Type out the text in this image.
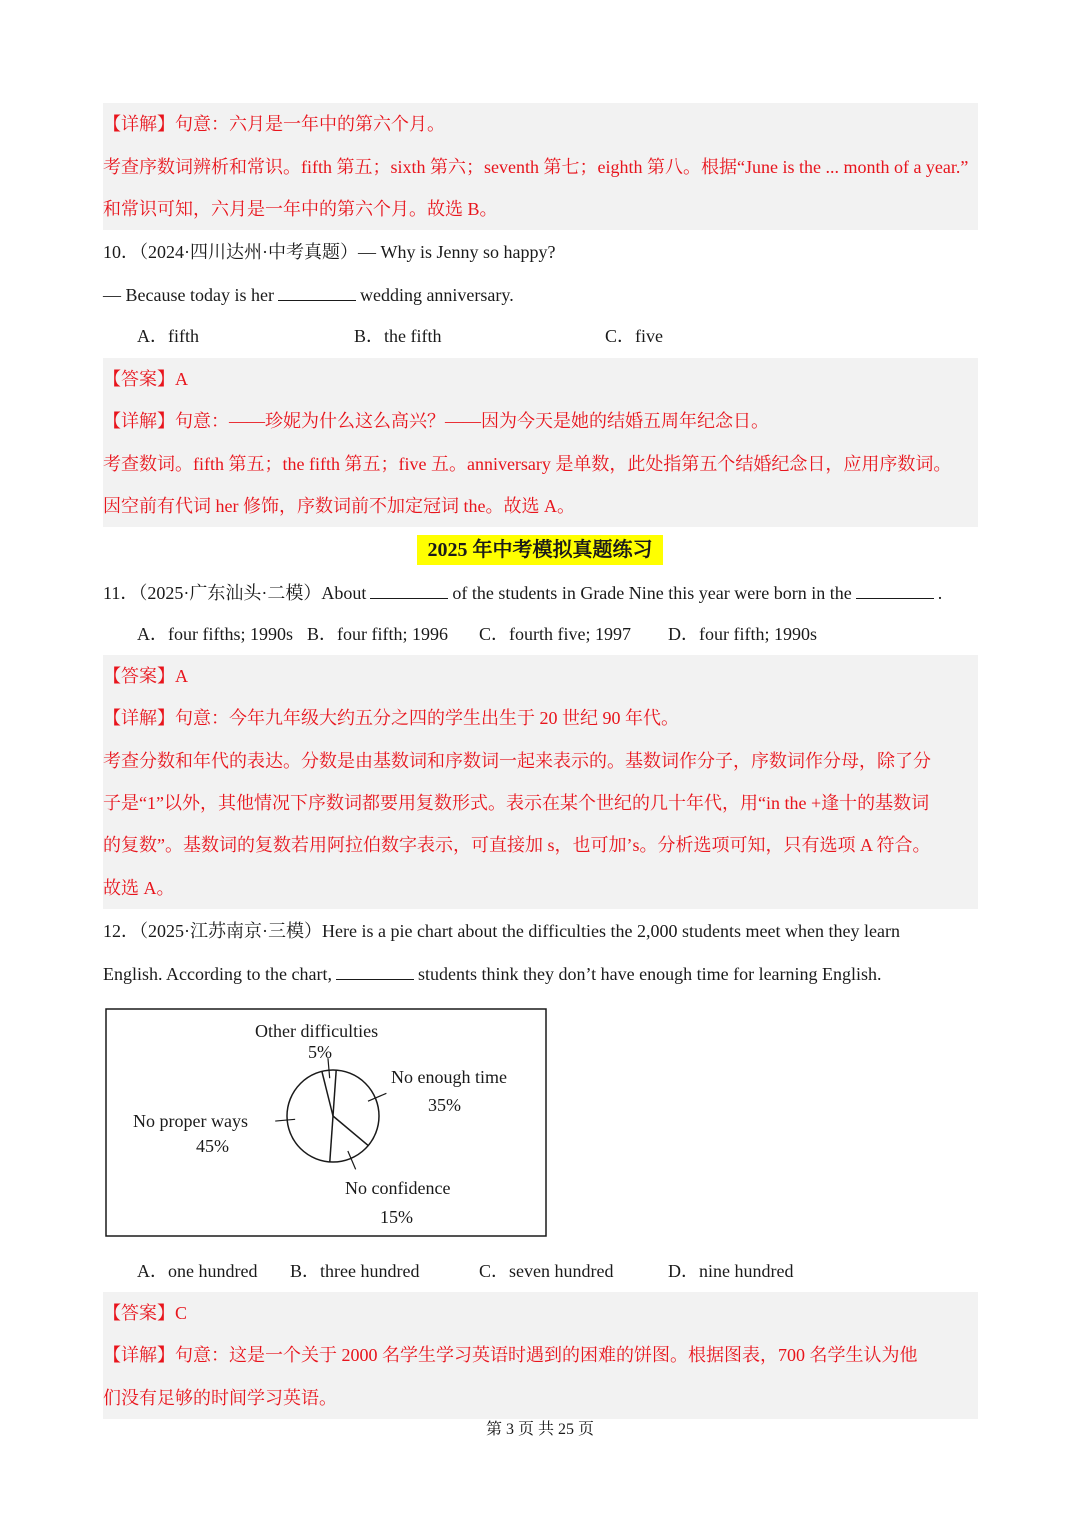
【详解】句意：六月是一年中的第六个月。
考查序数词辨析和常识。fifth 第五；sixth 第六；seventh 第七；eighth 第八。根据“June is the ... month of a year.”
和常识可知，六月是一年中的第六个月。故选 B。
10．（2024·四川达州·中考真题）— Why is Jenny so happy?
— Because today is her	wedding anniversary.
A．fifth	B．the fifth	C．five
【答案】A
【详解】句意：——珍妮为什么这么高兴？——因为今天是她的结婚五周年纪念日。
考查数词。fifth 第五；the fifth 第五；five 五。anniversary 是单数，此处指第五个结婚纪念日，应用序数词。
因空前有代词 her 修饰，序数词前不加定冠词 the。故选 A。
2025 年中考模拟真题练习
11．（2025·广东汕头·二模）About	of the students in Grade Nine this year were born in the	.
A．four fifths; 1990s B．four fifth; 1996 C．fourth five; 1997 D．four fifth; 1990s
【答案】A
【详解】句意：今年九年级大约五分之四的学生出生于 20 世纪 90 年代。
考查分数和年代的表达。分数是由基数词和序数词一起来表示的。基数词作分子，序数词作分母，除了分
子是“1”以外，其他情况下序数词都要用复数形式。表示在某个世纪的几十年代，用“in the +逢十的基数词
的复数”。基数词的复数若用阿拉伯数字表示，可直接加 s，也可加’s。分析选项可知，只有选项 A 符合。
故选 A。
12．（2025·江苏南京·三模）Here is a pie chart about the difficulties the 2,000 students meet when they learn
English. According to the chart,	students think they don’t have enough time for learning English.
Other difficulties
5%
No enough time
35%
No confidence
15%
No proper ways
45%
A．one hundred B．three hundred	C．seven hundred	D．nine hundred
【答案】C
【详解】句意：这是一个关于 2000 名学生学习英语时遇到的困难的饼图。根据图表，700 名学生认为他
们没有足够的时间学习英语。
第 3 页 共 25 页
